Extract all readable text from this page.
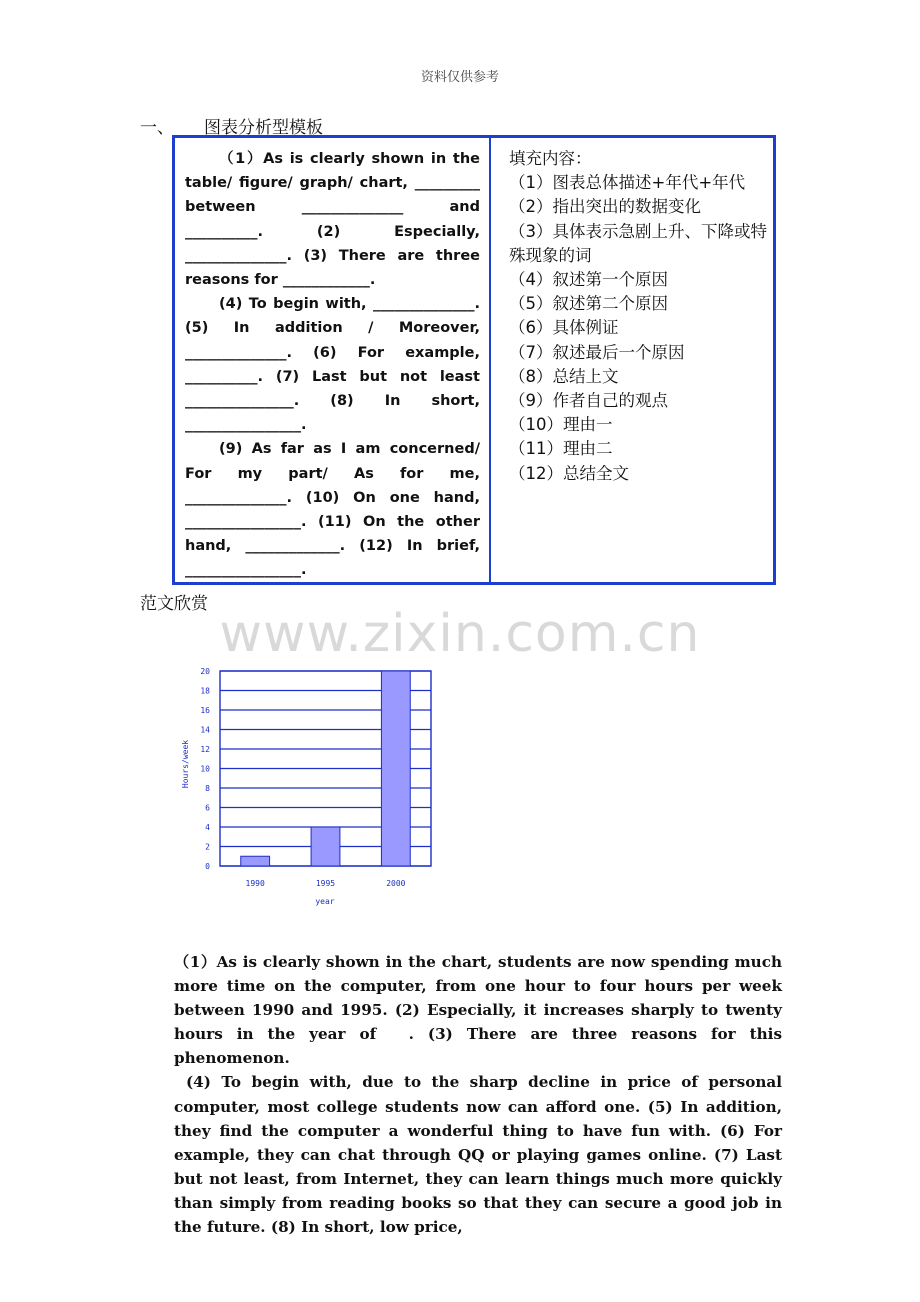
资料仅供参考
一、 图表分析型模板

（1）As is clearly shown in the table/ figure/ graph/ chart, _________ between ______________ and __________. (2) Especially, ______________. (3) There are three reasons for ____________.

(4) To begin with, ______________. (5) In addition / Moreover, ______________. (6) For example, __________. (7) Last but not least _______________. (8) In short, ________________.

(9) As far as I am concerned/ For my part/ As for me, ______________. (10) On one hand, ________________. (11) On the other hand, _____________. (12) In brief, ________________.

填充内容：
（1）图表总体描述+年代+年代
（2）指出突出的数据变化
（3）具体表示急剧上升、下降或特殊现象的词
（4）叙述第一个原因
（5）叙述第二个原因
（6）具体例证
（7）叙述最后一个原因
（8）总结上文
（9）作者自己的观点
（10）理由一
（11）理由二
（12）总结全文
范文欣赏 www.zixin.com.cn
0
2
4
6
8
10
12
14
16
18
20
1990	1995	2000
Hours/week
year

（1）As is clearly shown in the chart, students are now spending much more time on the computer, from one hour to four hours per week between 1990 and 1995. (2) Especially, it increases sharply to twenty hours in the year of　. (3) There are three reasons for this phenomenon.

(4) To begin with, due to the sharp decline in price of personal computer, most college students now can afford one. (5) In addition, they find the computer a wonderful thing to have fun with. (6) For example, they can chat through QQ or playing games online. (7) Last but not least, from Internet, they can learn things much more quickly than simply from reading books so that they can secure a good job in the future. (8) In short, low price,
